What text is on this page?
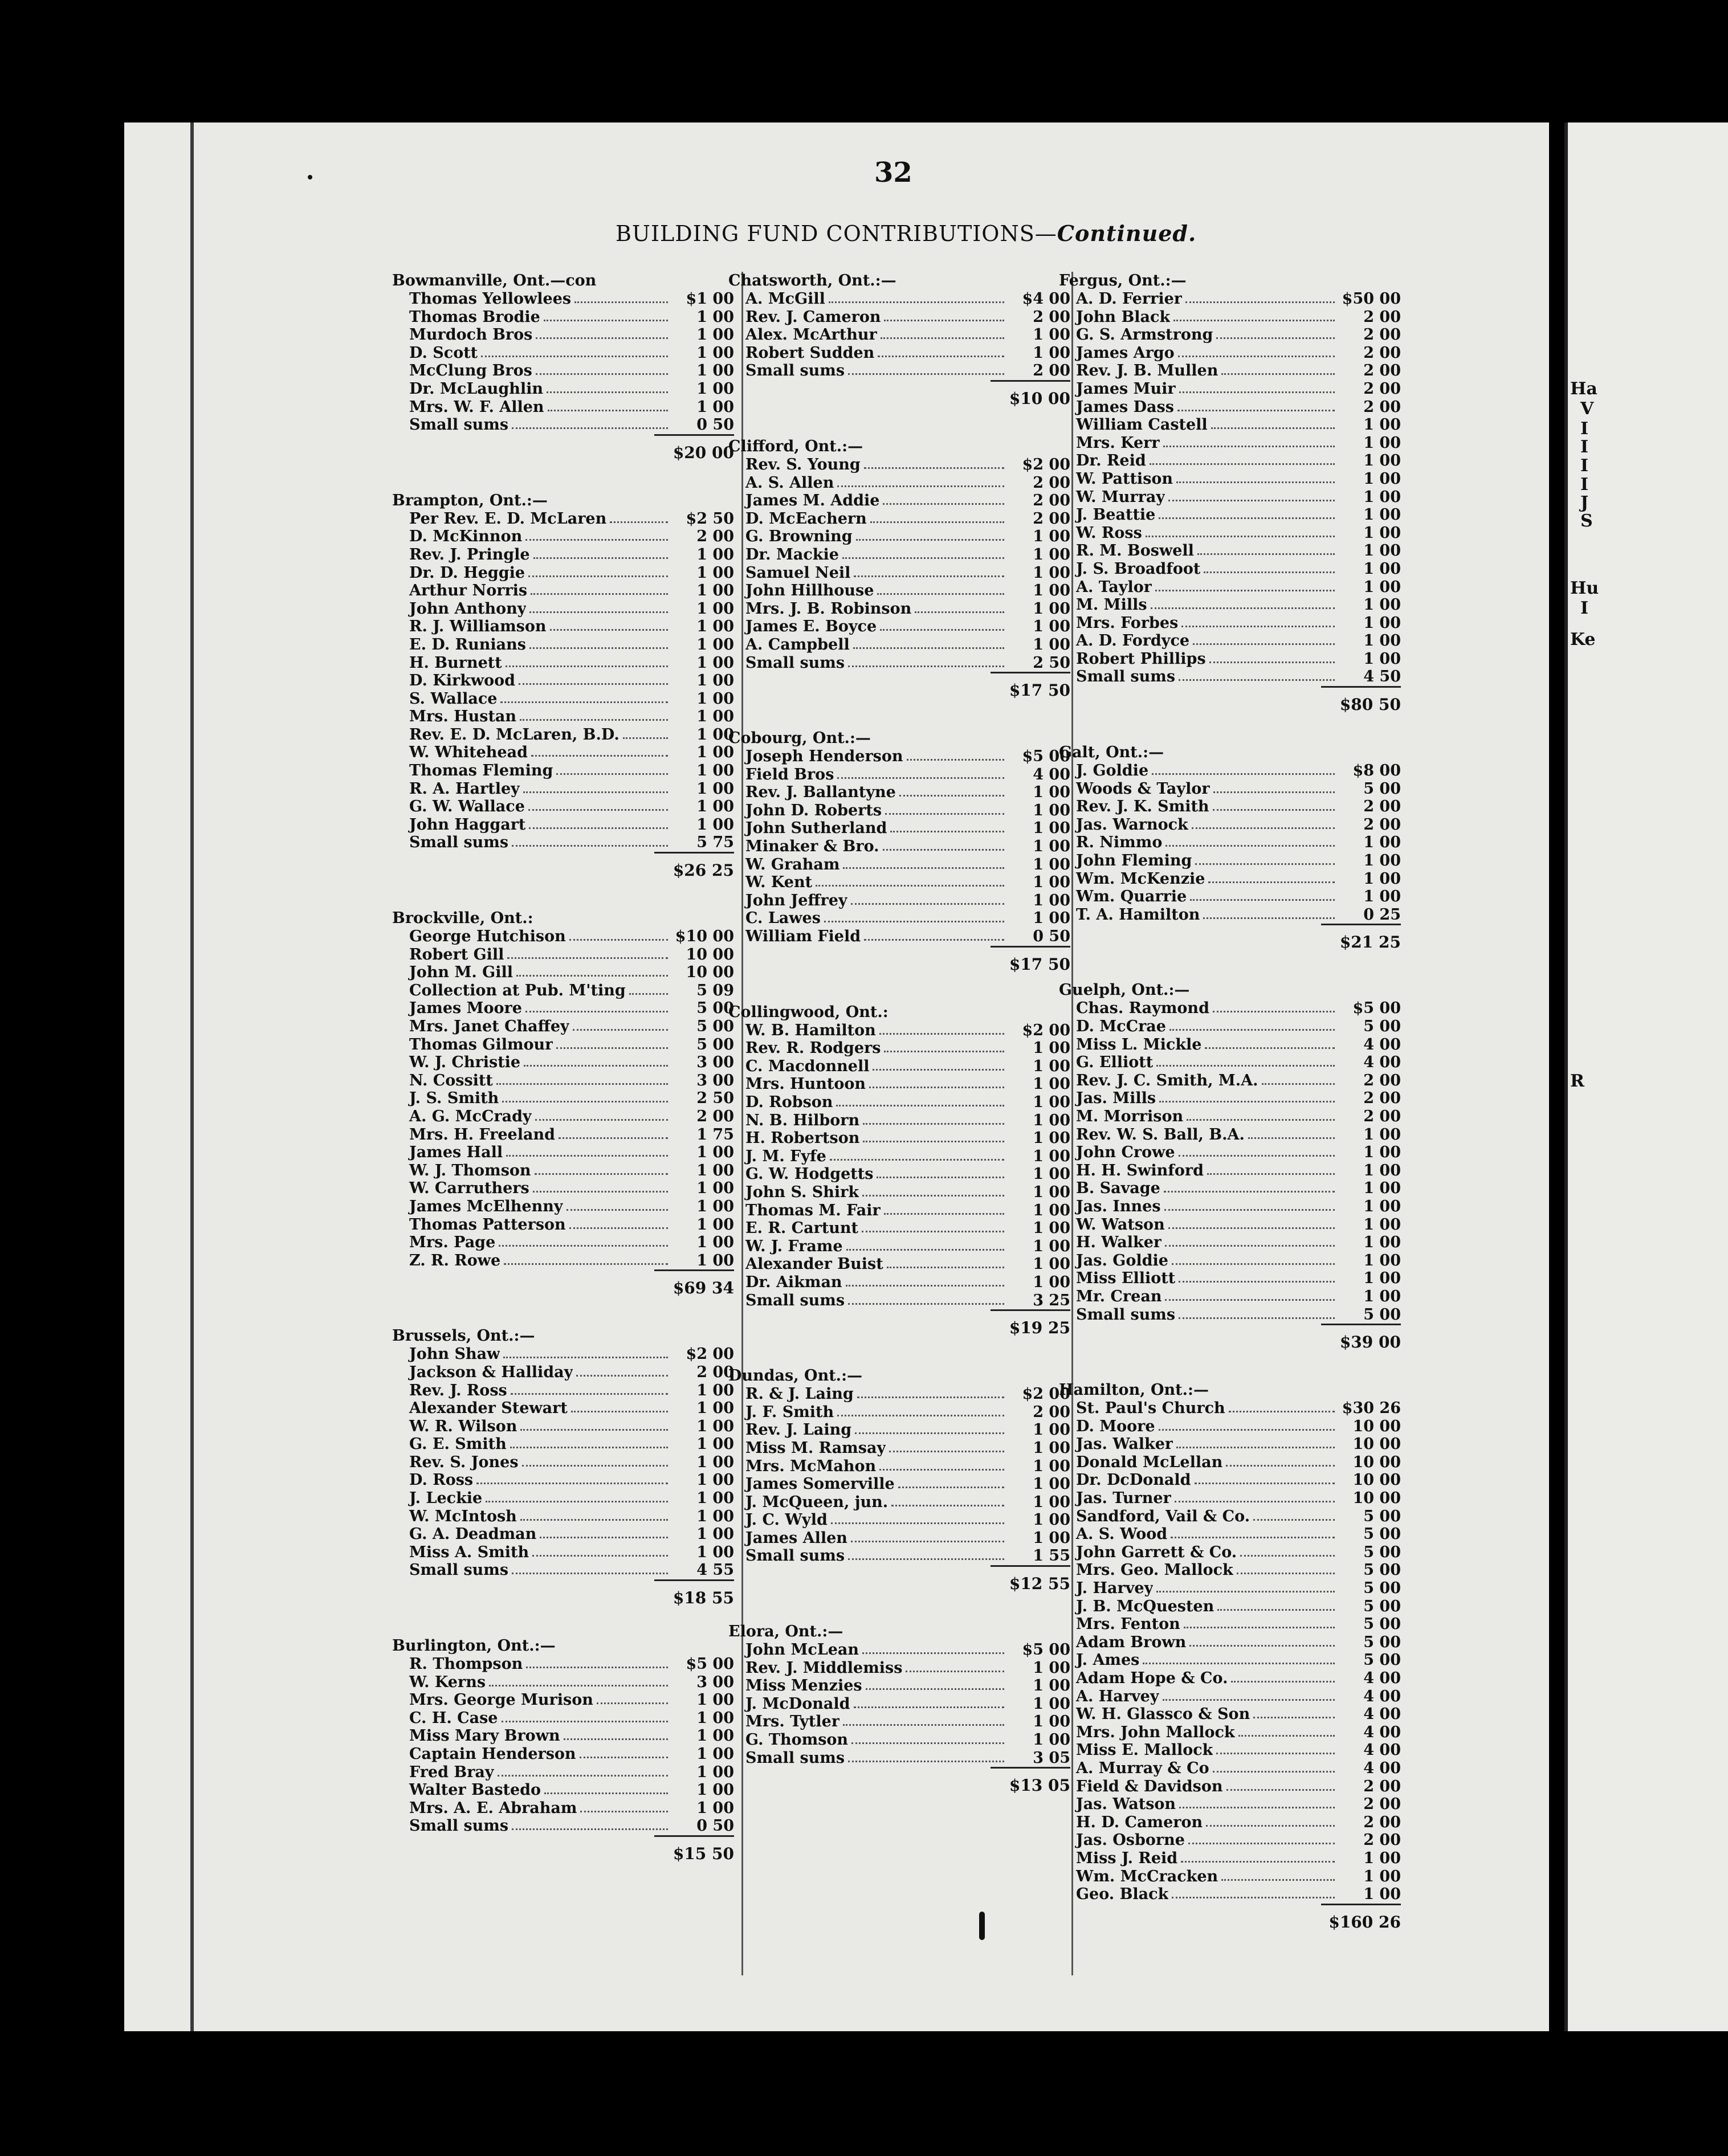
32
BUILDING FUND CONTRIBUTIONS—Continued.
Bowmanville, Ont.—con
Thomas Yellowlees	$1 00
Thomas Brodie	1 00
Murdoch Bros	1 00
D. Scott	1 00
McClung Bros	1 00
Dr. McLaughlin	1 00
Mrs. W. F. Allen	1 00
Small sums	0 50
$20 00
Brampton, Ont.:—
Per Rev. E. D. McLaren	$2 50
D. McKinnon	2 00
Rev. J. Pringle	1 00
Dr. D. Heggie	1 00
Arthur Norris	1 00
John Anthony	1 00
R. J. Williamson	1 00
E. D. Runians	1 00
H. Burnett	1 00
D. Kirkwood	1 00
S. Wallace	1 00
Mrs. Hustan	1 00
Rev. E. D. McLaren, B.D.	1 00
W. Whitehead	1 00
Thomas Fleming	1 00
R. A. Hartley	1 00
G. W. Wallace	1 00
John Haggart	1 00
Small sums	5 75
$26 25
Brockville, Ont.:
George Hutchison	$10 00
Robert Gill	10 00
John M. Gill	10 00
Collection at Pub. M'ting	5 09
James Moore	5 00
Mrs. Janet Chaffey	5 00
Thomas Gilmour	5 00
W. J. Christie	3 00
N. Cossitt	3 00
J. S. Smith	2 50
A. G. McCrady	2 00
Mrs. H. Freeland	1 75
James Hall	1 00
W. J. Thomson	1 00
W. Carruthers	1 00
James McElhenny	1 00
Thomas Patterson	1 00
Mrs. Page	1 00
Z. R. Rowe	1 00
$69 34
Brussels, Ont.:—
John Shaw	$2 00
Jackson & Halliday	2 00
Rev. J. Ross	1 00
Alexander Stewart	1 00
W. R. Wilson	1 00
G. E. Smith	1 00
Rev. S. Jones	1 00
D. Ross	1 00
J. Leckie	1 00
W. McIntosh	1 00
G. A. Deadman	1 00
Miss A. Smith	1 00
Small sums	4 55
$18 55
Burlington, Ont.:—
R. Thompson	$5 00
W. Kerns	3 00
Mrs. George Murison	1 00
C. H. Case	1 00
Miss Mary Brown	1 00
Captain Henderson	1 00
Fred Bray	1 00
Walter Bastedo	1 00
Mrs. A. E. Abraham	1 00
Small sums	0 50
$15 50
Chatsworth, Ont.:—
A. McGill	$4 00
Rev. J. Cameron	2 00
Alex. McArthur	1 00
Robert Sudden	1 00
Small sums	2 00
$10 00
Clifford, Ont.:—
Rev. S. Young	$2 00
A. S. Allen	2 00
James M. Addie	2 00
D. McEachern	2 00
G. Browning	1 00
Dr. Mackie	1 00
Samuel Neil	1 00
John Hillhouse	1 00
Mrs. J. B. Robinson	1 00
James E. Boyce	1 00
A. Campbell	1 00
Small sums	2 50
$17 50
Cobourg, Ont.:—
Joseph Henderson	$5 00
Field Bros	4 00
Rev. J. Ballantyne	1 00
John D. Roberts	1 00
John Sutherland	1 00
Minaker & Bro.	1 00
W. Graham	1 00
W. Kent	1 00
John Jeffrey	1 00
C. Lawes	1 00
William Field	0 50
$17 50
Collingwood, Ont.:
W. B. Hamilton	$2 00
Rev. R. Rodgers	1 00
C. Macdonnell	1 00
Mrs. Huntoon	1 00
D. Robson	1 00
N. B. Hilborn	1 00
H. Robertson	1 00
J. M. Fyfe	1 00
G. W. Hodgetts	1 00
John S. Shirk	1 00
Thomas M. Fair	1 00
E. R. Cartunt	1 00
W. J. Frame	1 00
Alexander Buist	1 00
Dr. Aikman	1 00
Small sums	3 25
$19 25
Dundas, Ont.:—
R. & J. Laing	$2 00
J. F. Smith	2 00
Rev. J. Laing	1 00
Miss M. Ramsay	1 00
Mrs. McMahon	1 00
James Somerville	1 00
J. McQueen, jun.	1 00
J. C. Wyld	1 00
James Allen	1 00
Small sums	1 55
$12 55
Elora, Ont.:—
John McLean	$5 00
Rev. J. Middlemiss	1 00
Miss Menzies	1 00
J. McDonald	1 00
Mrs. Tytler	1 00
G. Thomson	1 00
Small sums	3 05
$13 05
Fergus, Ont.:—
A. D. Ferrier	$50 00
John Black	2 00
G. S. Armstrong	2 00
James Argo	2 00
Rev. J. B. Mullen	2 00
James Muir	2 00
James Dass	2 00
William Castell	1 00
Mrs. Kerr	1 00
Dr. Reid	1 00
W. Pattison	1 00
W. Murray	1 00
J. Beattie	1 00
W. Ross	1 00
R. M. Boswell	1 00
J. S. Broadfoot	1 00
A. Taylor	1 00
M. Mills	1 00
Mrs. Forbes	1 00
A. D. Fordyce	1 00
Robert Phillips	1 00
Small sums	4 50
$80 50
Galt, Ont.:—
J. Goldie	$8 00
Woods & Taylor	5 00
Rev. J. K. Smith	2 00
Jas. Warnock	2 00
R. Nimmo	1 00
John Fleming	1 00
Wm. McKenzie	1 00
Wm. Quarrie	1 00
T. A. Hamilton	0 25
$21 25
Guelph, Ont.:—
Chas. Raymond	$5 00
D. McCrae	5 00
Miss L. Mickle	4 00
G. Elliott	4 00
Rev. J. C. Smith, M.A.	2 00
Jas. Mills	2 00
M. Morrison	2 00
Rev. W. S. Ball, B.A.	1 00
John Crowe	1 00
H. H. Swinford	1 00
B. Savage	1 00
Jas. Innes	1 00
W. Watson	1 00
H. Walker	1 00
Jas. Goldie	1 00
Miss Elliott	1 00
Mr. Crean	1 00
Small sums	5 00
$39 00
Hamilton, Ont.:—
St. Paul's Church	$30 26
D. Moore	10 00
Jas. Walker	10 00
Donald McLellan	10 00
Dr. DcDonald	10 00
Jas. Turner	10 00
Sandford, Vail & Co.	5 00
A. S. Wood	5 00
John Garrett & Co.	5 00
Mrs. Geo. Mallock	5 00
J. Harvey	5 00
J. B. McQuesten	5 00
Mrs. Fenton	5 00
Adam Brown	5 00
J. Ames	5 00
Adam Hope & Co.	4 00
A. Harvey	4 00
W. H. Glassco & Son	4 00
Mrs. John Mallock	4 00
Miss E. Mallock	4 00
A. Murray & Co	4 00
Field & Davidson	2 00
Jas. Watson	2 00
H. D. Cameron	2 00
Jas. Osborne	2 00
Miss J. Reid	1 00
Wm. McCracken	1 00
Geo. Black	1 00
$160 26
Ha
V
I
I
I
I
J
S
Hu
I
Ke
R
